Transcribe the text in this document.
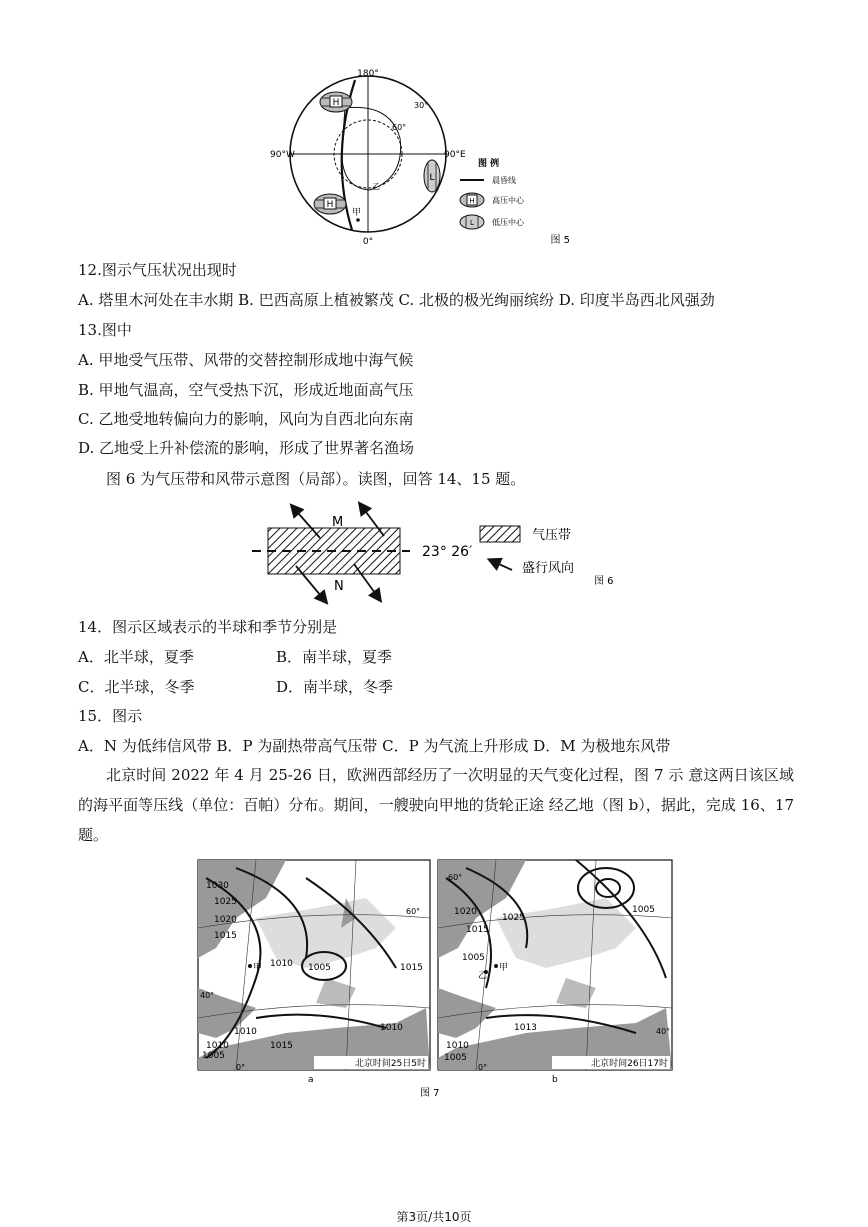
H
H
L
180°
90°W	90°E
0°
30°
60°
甲
乙
图 例
晨昏线
H 高压中心
L 低压中心
图 5
12.图示气压状况出现时
A. 塔里木河处在丰水期 B. 巴西高原上植被繁茂 C. 北极的极光绚丽缤纷 D. 印度半岛西北风强劲
13.图中
A. 甲地受气压带、风带的交替控制形成地中海气候
B. 甲地气温高，空气受热下沉，形成近地面高气压
C. 乙地受地转偏向力的影响，风向为自西北向东南
D. 乙地受上升补偿流的影响，形成了世界著名渔场
图 6 为气压带和风带示意图（局部）。读图，回答 14、15 题。
M
N
23° 26′
气压带
盛行风向
图 6
14．图示区域表示的半球和季节分别是
A．北半球，夏季	B．南半球，夏季
C．北半球，冬季	D．南半球，冬季
15．图示
A．N 为低纬信风带 B．P 为副热带高气压带 C．P 为气流上升形成 D．M 为极地东风带
北京时间 2022 年 4 月 25-26 日，欧洲西部经历了一次明显的天气变化过程，图 7 示 意这两日该区域的海平面等压线（单位：百帕）分布。期间，一艘驶向甲地的货轮正途 经乙地（图 b），据此，完成 16、17 题。
1030
1025
1020
1015
1010 1005	1015
1010
1015
1010
1005
1010
60°
40°
0°
甲
北京时间25日5时
a
1020
1015
1025
1005
1005
1013
1010
1005
60°
40°
0°
乙
甲
北京时间26日17时
b
图 7
第3页/共10页
